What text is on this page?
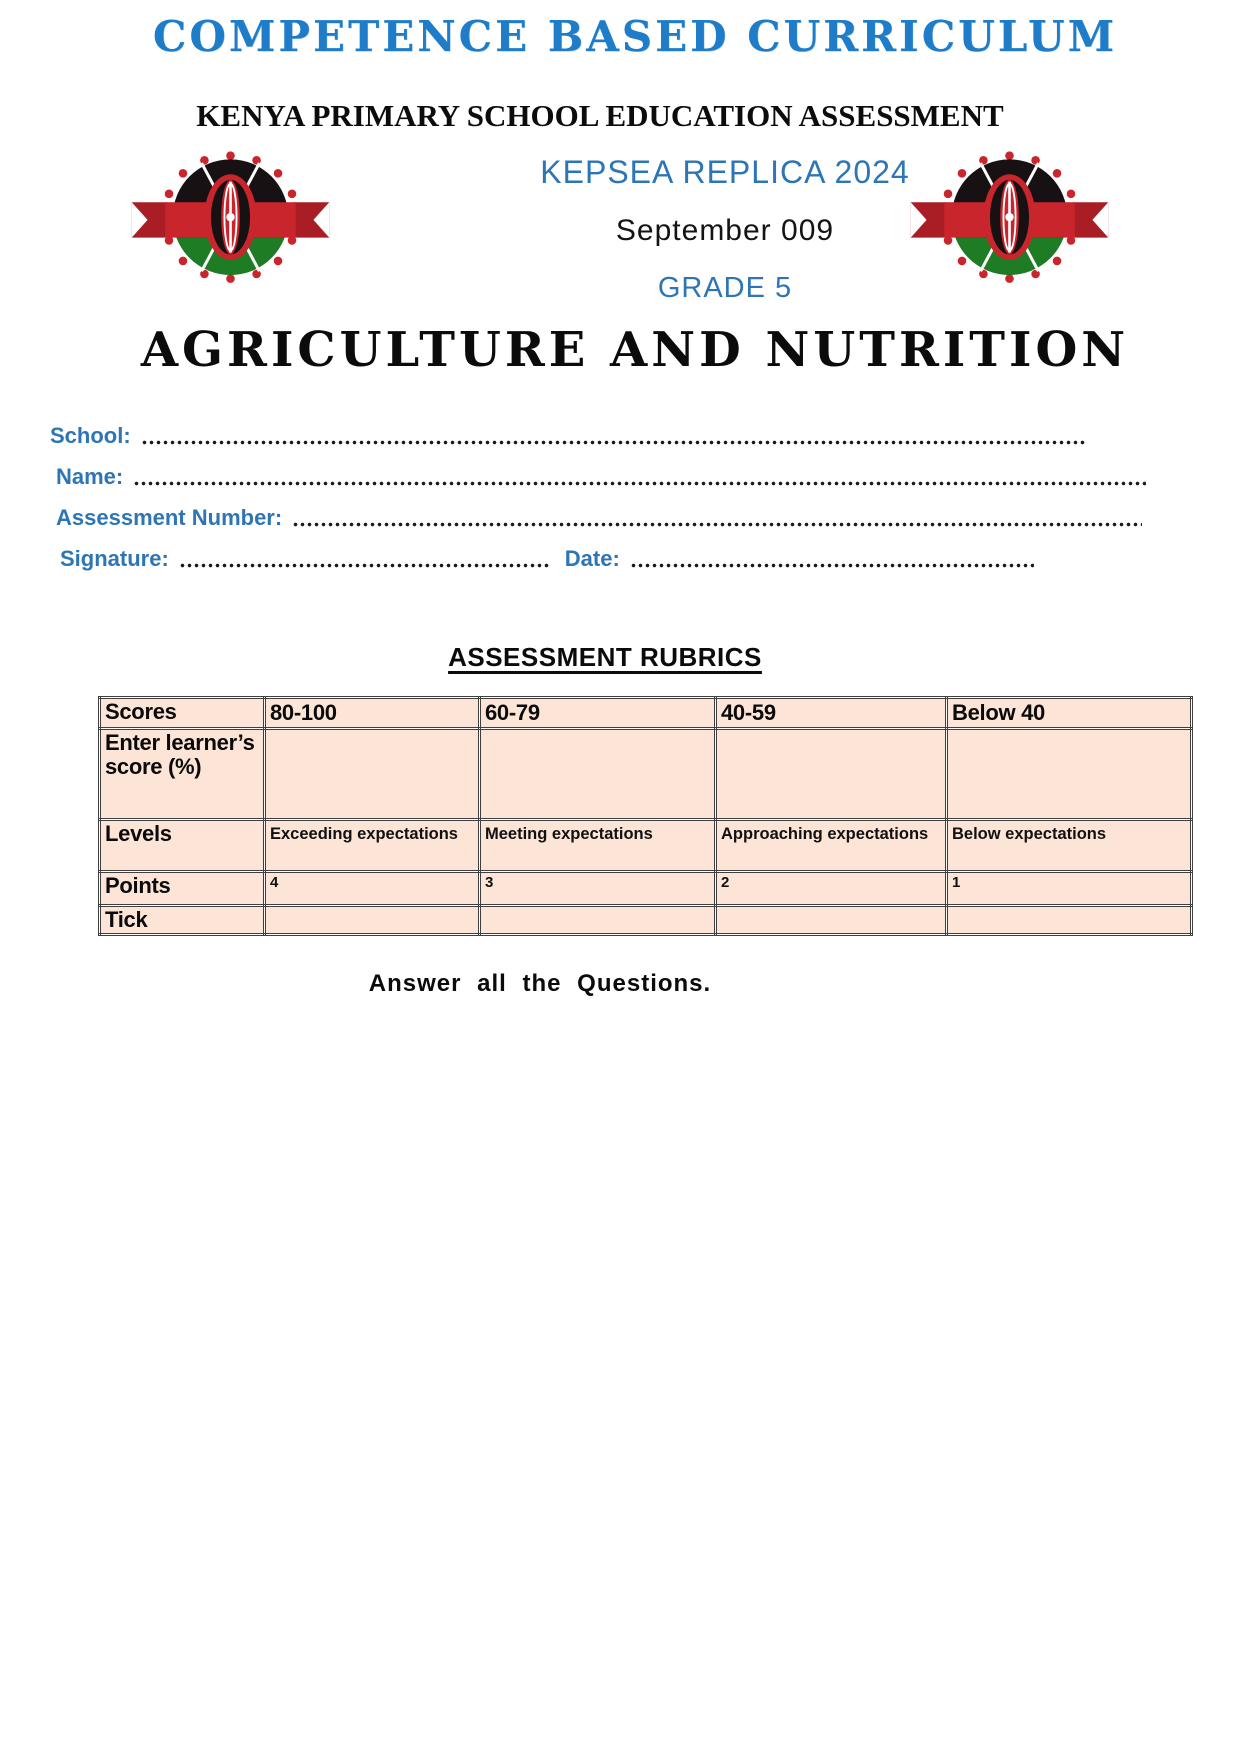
COMPETENCE BASED CURRICULUM
KENYA PRIMARY SCHOOL EDUCATION ASSESSMENT
KEPSEA REPLICA 2024
September 009
GRADE 5
AGRICULTURE AND NUTRITION
School:
Name:
Assessment Number:
Signature:	Date:
ASSESSMENT RUBRICS
Scores	80-100	60-79	40-59	Below 40
Enter learner’s score (%)				
Levels	Exceeding expectations	Meeting expectations	Approaching expectations	Below expectations
Points	4	3	2	1
Tick				
Answer all the Questions.
